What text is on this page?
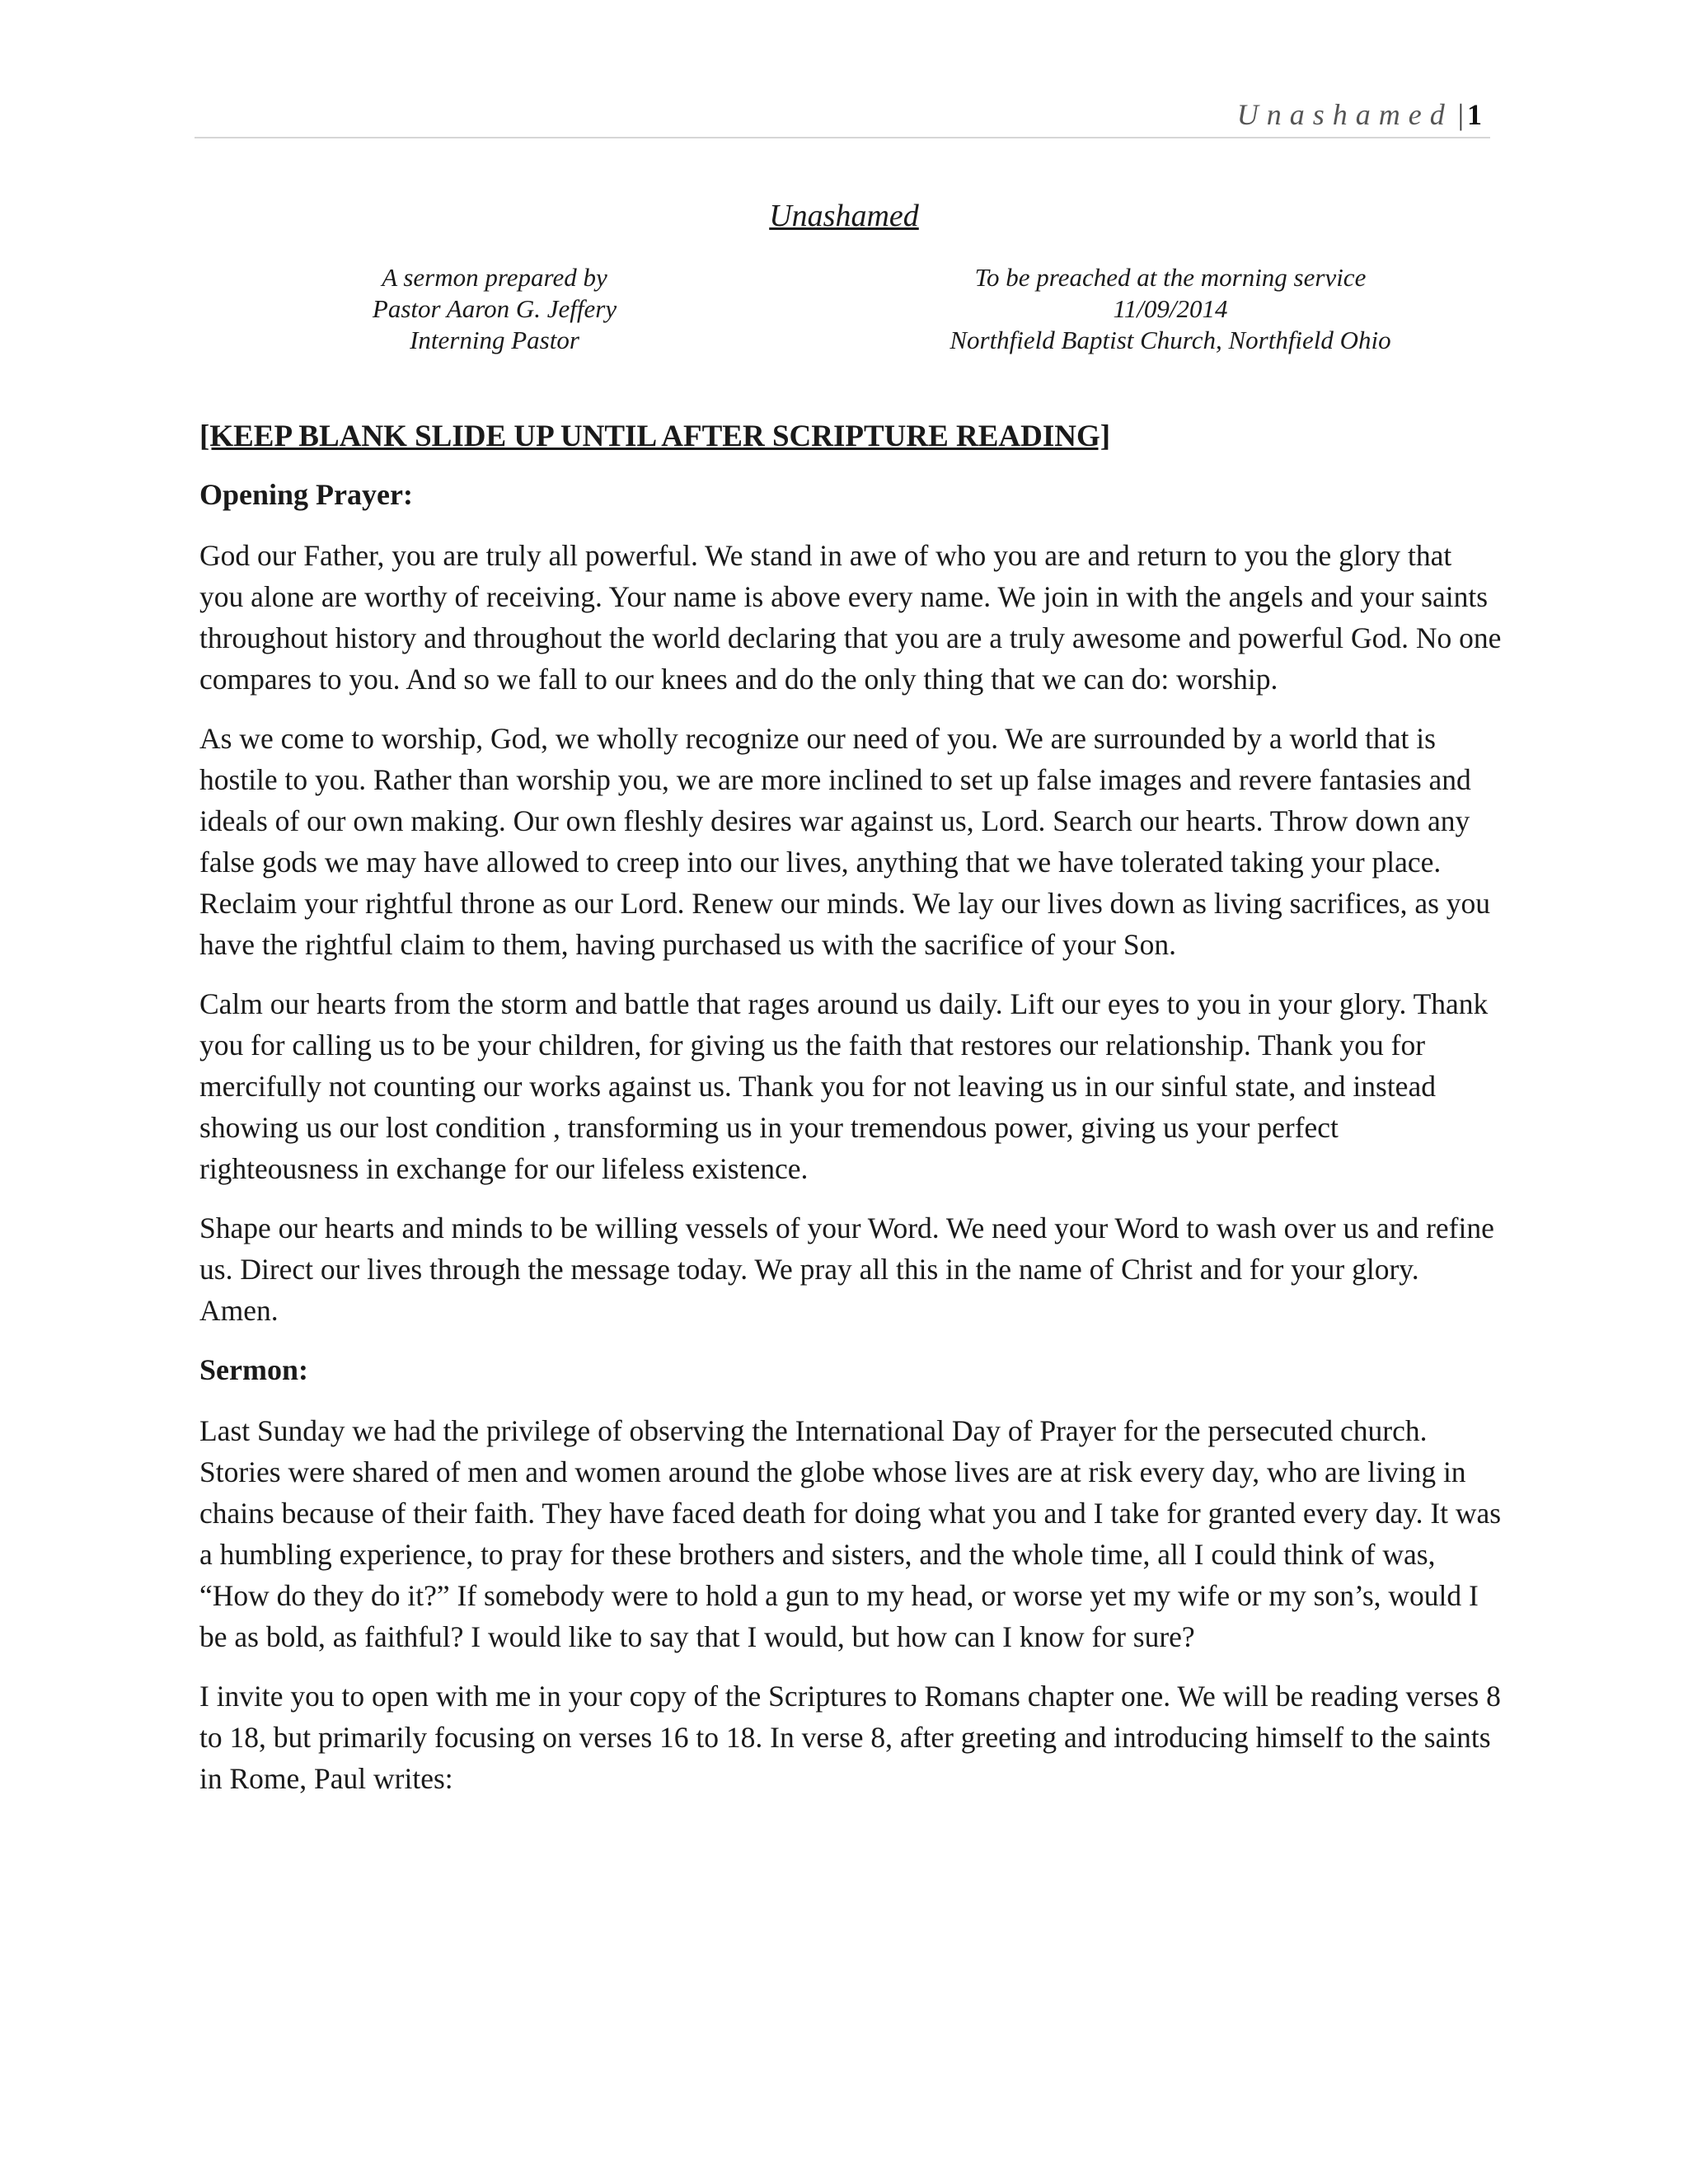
Unashamed | 1
Unashamed
A sermon prepared by
Pastor Aaron G. Jeffery
Interning Pastor
To be preached at the morning service
11/09/2014
Northfield Baptist Church, Northfield Ohio
[KEEP BLANK SLIDE UP UNTIL AFTER SCRIPTURE READING]
Opening Prayer:

God our Father, you are truly all powerful. We stand in awe of who you are and return to you the glory that you alone are worthy of receiving. Your name is above every name. We join in with the angels and your saints throughout history and throughout the world declaring that you are a truly awesome and powerful God. No one compares to you. And so we fall to our knees and do the only thing that we can do: worship.

As we come to worship, God, we wholly recognize our need of you. We are surrounded by a world that is hostile to you. Rather than worship you, we are more inclined to set up false images and revere fantasies and ideals of our own making. Our own fleshly desires war against us, Lord. Search our hearts. Throw down any false gods we may have allowed to creep into our lives, anything that we have tolerated taking your place. Reclaim your rightful throne as our Lord. Renew our minds. We lay our lives down as living sacrifices, as you have the rightful claim to them, having purchased us with the sacrifice of your Son.

Calm our hearts from the storm and battle that rages around us daily. Lift our eyes to you in your glory. Thank you for calling us to be your children, for giving us the faith that restores our relationship. Thank you for mercifully not counting our works against us. Thank you for not leaving us in our sinful state, and instead showing us our lost condition , transforming us in your tremendous power, giving us your perfect righteousness in exchange for our lifeless existence.

Shape our hearts and minds to be willing vessels of your Word. We need your Word to wash over us and refine us. Direct our lives through the message today. We pray all this in the name of Christ and for your glory. Amen.

Sermon:

Last Sunday we had the privilege of observing the International Day of Prayer for the persecuted church. Stories were shared of men and women around the globe whose lives are at risk every day, who are living in chains because of their faith. They have faced death for doing what you and I take for granted every day. It was a humbling experience, to pray for these brothers and sisters, and the whole time, all I could think of was, “How do they do it?” If somebody were to hold a gun to my head, or worse yet my wife or my son’s, would I be as bold, as faithful? I would like to say that I would, but how can I know for sure?

I invite you to open with me in your copy of the Scriptures to Romans chapter one. We will be reading verses 8 to 18, but primarily focusing on verses 16 to 18. In verse 8, after greeting and introducing himself to the saints in Rome, Paul writes:
